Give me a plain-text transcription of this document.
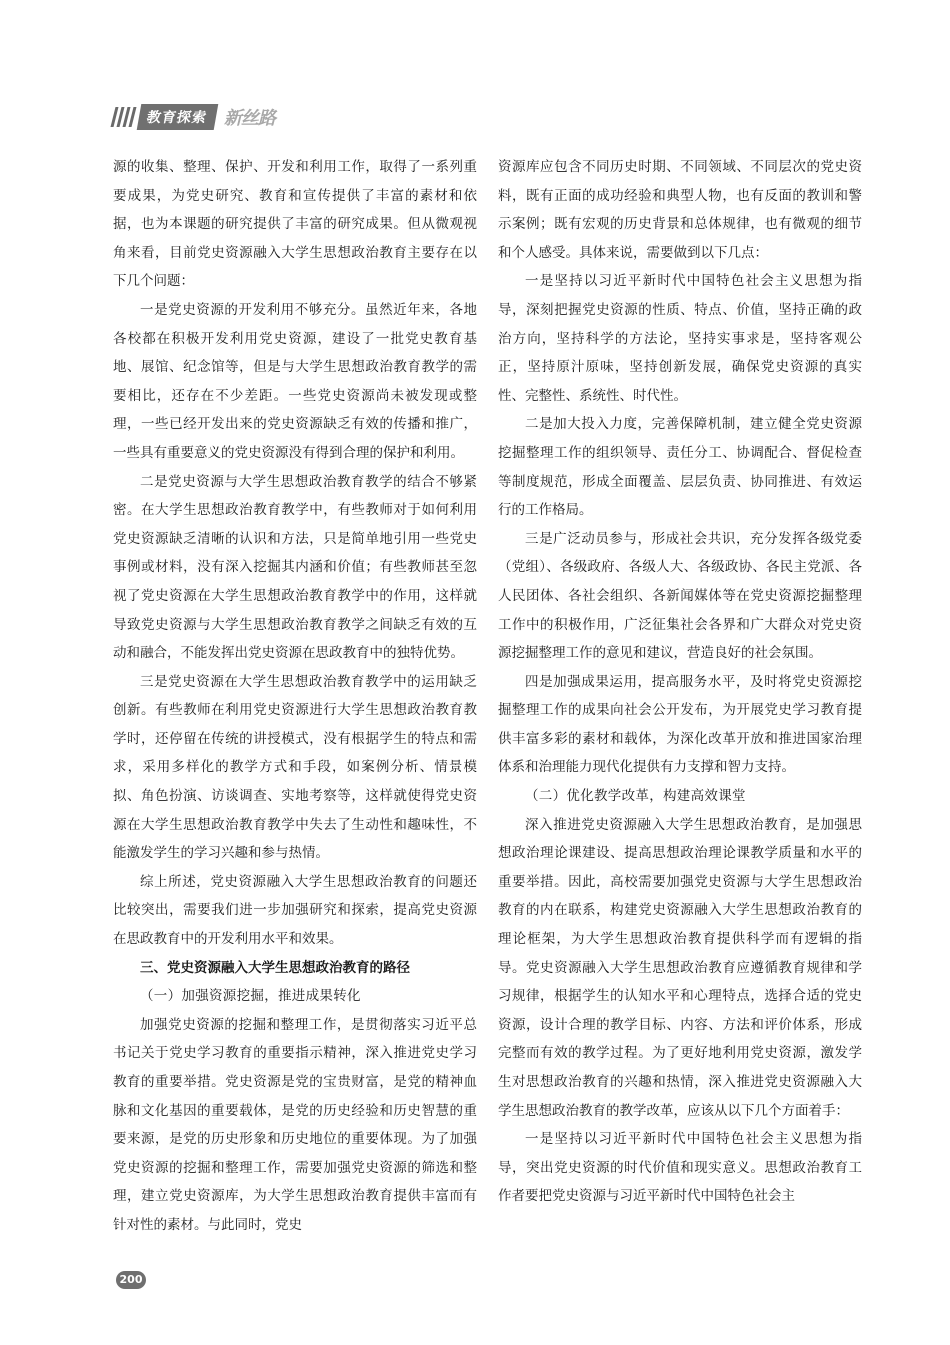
教育探索 新丝路

源的收集、整理、保护、开发和利用工作，取得了一系列重要成果，为党史研究、教育和宣传提供了丰富的素材和依据，也为本课题的研究提供了丰富的研究成果。但从微观视角来看，目前党史资源融入大学生思想政治教育主要存在以下几个问题：

一是党史资源的开发利用不够充分。虽然近年来，各地各校都在积极开发利用党史资源，建设了一批党史教育基地、展馆、纪念馆等，但是与大学生思想政治教育教学的需要相比，还存在不少差距。一些党史资源尚未被发现或整理，一些已经开发出来的党史资源缺乏有效的传播和推广，一些具有重要意义的党史资源没有得到合理的保护和利用。

二是党史资源与大学生思想政治教育教学的结合不够紧密。在大学生思想政治教育教学中，有些教师对于如何利用党史资源缺乏清晰的认识和方法，只是简单地引用一些党史事例或材料，没有深入挖掘其内涵和价值；有些教师甚至忽视了党史资源在大学生思想政治教育教学中的作用，这样就导致党史资源与大学生思想政治教育教学之间缺乏有效的互动和融合，不能发挥出党史资源在思政教育中的独特优势。

三是党史资源在大学生思想政治教育教学中的运用缺乏创新。有些教师在利用党史资源进行大学生思想政治教育教学时，还停留在传统的讲授模式，没有根据学生的特点和需求，采用多样化的教学方式和手段，如案例分析、情景模拟、角色扮演、访谈调查、实地考察等，这样就使得党史资源在大学生思想政治教育教学中失去了生动性和趣味性，不能激发学生的学习兴趣和参与热情。

综上所述，党史资源融入大学生思想政治教育的问题还比较突出，需要我们进一步加强研究和探索，提高党史资源在思政教育中的开发利用水平和效果。

三、党史资源融入大学生思想政治教育的路径

（一）加强资源挖掘，推进成果转化

加强党史资源的挖掘和整理工作，是贯彻落实习近平总书记关于党史学习教育的重要指示精神，深入推进党史学习教育的重要举措。党史资源是党的宝贵财富，是党的精神血脉和文化基因的重要载体，是党的历史经验和历史智慧的重要来源，是党的历史形象和历史地位的重要体现。为了加强党史资源的挖掘和整理工作，需要加强党史资源的筛选和整理，建立党史资源库，为大学生思想政治教育提供丰富而有针对性的素材。与此同时，党史

资源库应包含不同历史时期、不同领域、不同层次的党史资料，既有正面的成功经验和典型人物，也有反面的教训和警示案例；既有宏观的历史背景和总体规律，也有微观的细节和个人感受。具体来说，需要做到以下几点：

一是坚持以习近平新时代中国特色社会主义思想为指导，深刻把握党史资源的性质、特点、价值，坚持正确的政治方向，坚持科学的方法论，坚持实事求是，坚持客观公正，坚持原汁原味，坚持创新发展，确保党史资源的真实性、完整性、系统性、时代性。

二是加大投入力度，完善保障机制，建立健全党史资源挖掘整理工作的组织领导、责任分工、协调配合、督促检查等制度规范，形成全面覆盖、层层负责、协同推进、有效运行的工作格局。

三是广泛动员参与，形成社会共识，充分发挥各级党委（党组）、各级政府、各级人大、各级政协、各民主党派、各人民团体、各社会组织、各新闻媒体等在党史资源挖掘整理工作中的积极作用，广泛征集社会各界和广大群众对党史资源挖掘整理工作的意见和建议，营造良好的社会氛围。

四是加强成果运用，提高服务水平，及时将党史资源挖掘整理工作的成果向社会公开发布，为开展党史学习教育提供丰富多彩的素材和载体，为深化改革开放和推进国家治理体系和治理能力现代化提供有力支撑和智力支持。

（二）优化教学改革，构建高效课堂

深入推进党史资源融入大学生思想政治教育，是加强思想政治理论课建设、提高思想政治理论课教学质量和水平的重要举措。因此，高校需要加强党史资源与大学生思想政治教育的内在联系，构建党史资源融入大学生思想政治教育的理论框架，为大学生思想政治教育提供科学而有逻辑的指导。党史资源融入大学生思想政治教育应遵循教育规律和学习规律，根据学生的认知水平和心理特点，选择合适的党史资源，设计合理的教学目标、内容、方法和评价体系，形成完整而有效的教学过程。为了更好地利用党史资源，激发学生对思想政治教育的兴趣和热情，深入推进党史资源融入大学生思想政治教育的教学改革，应该从以下几个方面着手：

一是坚持以习近平新时代中国特色社会主义思想为指导，突出党史资源的时代价值和现实意义。思想政治教育工作者要把党史资源与习近平新时代中国特色社会主

200
